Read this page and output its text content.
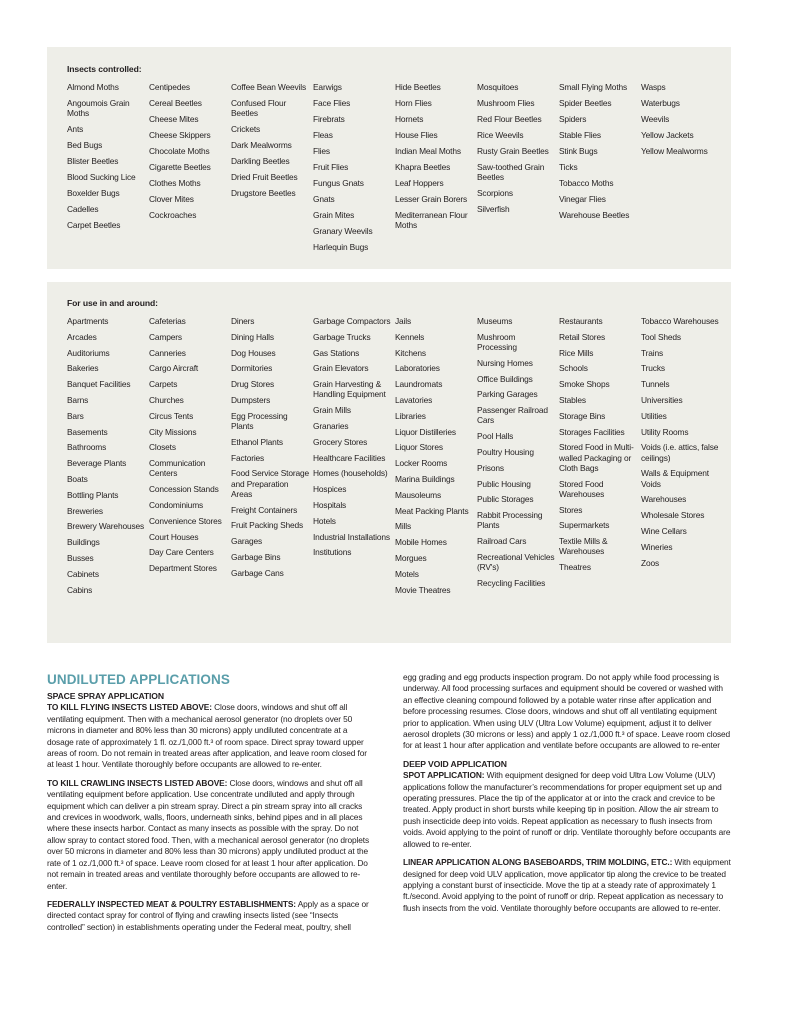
Insects controlled:
Almond Moths
Angoumois Grain Moths
Ants
Bed Bugs
Blister Beetles
Blood Sucking Lice
Boxelder Bugs
Cadelles
Carpet Beetles
Centipedes
Cereal Beetles
Cheese Mites
Cheese Skippers
Chocolate Moths
Cigarette Beetles
Clothes Moths
Clover Mites
Cockroaches
Coffee Bean Weevils
Confused Flour Beetles
Crickets
Dark Mealworms
Darkling Beetles
Dried Fruit Beetles
Drugstore Beetles
Earwigs
Face Flies
Firebrats
Fleas
Flies
Fruit Flies
Fungus Gnats
Gnats
Grain Mites
Granary Weevils
Harlequin Bugs
Hide Beetles
Horn Flies
Hornets
House Flies
Indian Meal Moths
Khapra Beetles
Leaf Hoppers
Lesser Grain Borers
Mediterranean Flour Moths
Mosquitoes
Mushroom Flies
Red Flour Beetles
Rice Weevils
Rusty Grain Beetles
Saw-toothed Grain Beetles
Scorpions
Silverfish
Small Flying Moths
Spider Beetles
Spiders
Stable Flies
Stink Bugs
Ticks
Tobacco Moths
Vinegar Flies
Warehouse Beetles
Wasps
Waterbugs
Weevils
Yellow Jackets
Yellow Mealworms
For use in and around:
Apartments
Arcades
Auditoriums
Bakeries
Banquet Facilities
Barns
Bars
Basements
Bathrooms
Beverage Plants
Boats
Bottling Plants
Breweries
Brewery Warehouses
Buildings
Busses
Cabinets
Cabins
Cafeterias
Campers
Canneries
Cargo Aircraft
Carpets
Churches
Circus Tents
City Missions
Closets
Communication Centers
Concession Stands
Condominiums
Convenience Stores
Court Houses
Day Care Centers
Department Stores
Diners
Dining Halls
Dog Houses
Dormitories
Drug Stores
Dumpsters
Egg Processing Plants
Ethanol Plants
Factories
Food Service Storage and Preparation Areas
Freight Containers
Fruit Packing Sheds
Garages
Garbage Bins
Garbage Cans
Garbage Compactors
Garbage Trucks
Gas Stations
Grain Elevators
Grain Harvesting & Handling Equipment
Grain Mills
Granaries
Grocery Stores
Healthcare Facilities
Homes (households)
Hospices
Hospitals
Hotels
Industrial Installations
Institutions
Jails
Kennels
Kitchens
Laboratories
Laundromats
Lavatories
Libraries
Liquor Distilleries
Liquor Stores
Locker Rooms
Marina Buildings
Mausoleums
Meat Packing Plants
Mills
Mobile Homes
Morgues
Motels
Movie Theatres
Museums
Mushroom Processing
Nursing Homes
Office Buildings
Parking Garages
Passenger Railroad Cars
Pool Halls
Poultry Housing
Prisons
Public Housing
Public Storages
Rabbit Processing Plants
Railroad Cars
Recreational Vehicles (RV's)
Recycling Facilities
Restaurants
Retail Stores
Rice Mills
Schools
Smoke Shops
Stables
Storage Bins
Storages Facilities
Stored Food in Multi-walled Packaging or Cloth Bags
Stored Food Warehouses
Stores
Supermarkets
Textile Mills & Warehouses
Theatres
Tobacco Warehouses
Tool Sheds
Trains
Trucks
Tunnels
Universities
Utilities
Utility Rooms
Voids (i.e. attics, false ceilings)
Walls & Equipment Voids
Warehouses
Wholesale Stores
Wine Cellars
Wineries
Zoos
UNDILUTED APPLICATIONS
SPACE SPRAY APPLICATION

TO KILL FLYING INSECTS LISTED ABOVE: Close doors, windows and shut off all ventilating equipment. Then with a mechanical aerosol generator (no droplets over 50 microns in diameter and 80% less than 30 microns) apply undiluted concentrate at a dosage rate of approximately 1 fl. oz./1,000 ft.³ of room space. Direct spray toward upper areas of room. Do not remain in treated areas after application, and leave room closed for at least 1 hour. Ventilate thoroughly before occupants are allowed to re-enter.

TO KILL CRAWLING INSECTS LISTED ABOVE: Close doors, windows and shut off all ventilating equipment before application. Use concentrate undiluted and apply through equipment which can deliver a pin stream spray. Direct a pin stream spray into all cracks and crevices in woodwork, walls, floors, underneath sinks, behind pipes and in all places where these insects harbor. Contact as many insects as possible with the spray. Do not allow spray to contact stored food. Then, with a mechanical aerosol generator (no droplets over 50 microns in diameter and 80% less than 30 microns) apply undiluted product at the rate of 1 oz./1,000 ft.³ of space. Leave room closed for at least 1 hour after application. Do not remain in treated areas and ventilate thoroughly before occupants are allowed to re-enter.

FEDERALLY INSPECTED MEAT & POULTRY ESTABLISHMENTS: Apply as a space or directed contact spray for control of flying and crawling insects listed (see “Insects controlled” section) in establishments operating under the Federal meat, poultry, shell

egg grading and egg products inspection program. Do not apply while food processing is underway. All food processing surfaces and equipment should be covered or washed with an effective cleaning compound followed by a potable water rinse after application and before processing resumes. Close doors, windows and shut off all ventilating equipment prior to application. When using ULV (Ultra Low Volume) equipment, adjust it to deliver aerosol droplets (30 microns or less) and apply 1 oz./1,000 ft.³ of space. Leave room closed for at least 1 hour after application and ventilate before occupants are allowed to re-enter

DEEP VOID APPLICATION

SPOT APPLICATION: With equipment designed for deep void Ultra Low Volume (ULV) applications follow the manufacturer’s recommendations for proper equipment set up and operating pressures. Place the tip of the applicator at or into the crack and crevice to be treated. Apply product in short bursts while keeping tip in position. Allow the air stream to push insecticide deep into voids. Repeat application as necessary to flush insects from voids. Avoid applying to the point of runoff or drip. Ventilate thoroughly before occupants are allowed to re-enter.

LINEAR APPLICATION ALONG BASEBOARDS, TRIM MOLDING, ETC.: With equipment designed for deep void ULV application, move applicator tip along the crevice to be treated applying a constant burst of insecticide. Move the tip at a steady rate of approximately 1 ft./second. Avoid applying to the point of runoff or drip. Repeat application as necessary to flush insects from the void. Ventilate thoroughly before occupants are allowed to re-enter.
